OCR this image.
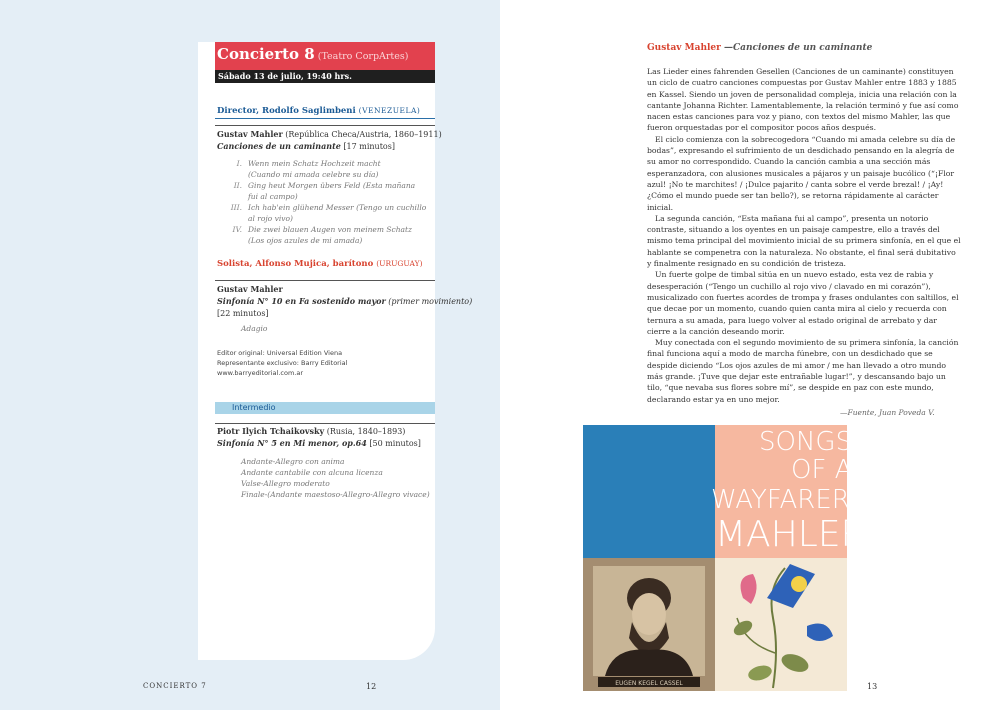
Concierto 8 (Teatro CorpArtes)
Sábado 13 de julio, 19:40 hrs.
Director, Rodolfo Saglimbeni (VENEZUELA)
Gustav Mahler (República Checa/Austria, 1860–1911)
Canciones de un caminante [17 minutos]
I. Wenn mein Schatz Hochzeit macht
(Cuando mi amada celebre su día)
II. Ging heut Morgen übers Feld (Esta mañana
fui al campo)
III. Ich hab'ein glühend Messer (Tengo un cuchillo
al rojo vivo)
IV. Die zwei blauen Augen von meinem Schatz
(Los ojos azules de mi amada)
Solista, Alfonso Mujica, barítono (URUGUAY)
Gustav Mahler
Sinfonía N° 10 en Fa sostenido mayor (primer movimiento)
[22 minutos]
Adagio
Editor original: Universal Edition Viena
Representante exclusivo: Barry Editorial
www.barryeditorial.com.ar
Intermedio
Piotr Ilyich Tchaikovsky (Rusia, 1840–1893)
Sinfonía N° 5 en Mi menor, op.64 [50 minutos]
Andante-Allegro con anima
Andante cantabile con alcuna licenza
Valse-Allegro moderato
Finale-(Andante maestoso-Allegro-Allegro vivace)
CONCIERTO 7	12
Gustav Mahler —Canciones de un caminante

Las Lieder eines fahrenden Gesellen (Canciones de un caminante) constituyen un ciclo de cuatro canciones compuestas por Gustav Mahler entre 1883 y 1885 en Kassel. Siendo un joven de personalidad compleja, inicia una relación con la cantante Johanna Richter. Lamentablemente, la relación terminó y fue así como nacen estas canciones para voz y piano, con textos del mismo Mahler, las que fueron orquestadas por el compositor pocos años después.

El ciclo comienza con la sobrecogedora “Cuando mi amada celebre su día de bodas”, expresando el sufrimiento de un desdichado pensando en la alegría de su amor no correspondido. Cuando la canción cambia a una sección más esperanzadora, con alusiones musicales a pájaros y un paisaje bucólico (“¡Flor azul! ¡No te marchites! / ¡Dulce pajarito / canta sobre el verde brezal! / ¡Ay! ¿Cómo el mundo puede ser tan bello?), se retorna rápidamente al carácter inicial.

La segunda canción, “Esta mañana fui al campo”, presenta un notorio contraste, situando a los oyentes en un paisaje campestre, ello a través del mismo tema principal del movimiento inicial de su primera sinfonía, en el que el hablante se compenetra con la naturaleza. No obstante, el final será dubitativo y finalmente resignado en su condición de tristeza.

Un fuerte golpe de timbal sitúa en un nuevo estado, esta vez de rabia y desesperación (“Tengo un cuchillo al rojo vivo / clavado en mi corazón”), musicalizado con fuertes acordes de trompa y frases ondulantes con saltillos, el que decae por un momento, cuando quien canta mira al cielo y recuerda con ternura a su amada, para luego volver al estado original de arrebato y dar cierre a la canción deseando morir.

Muy conectada con el segundo movimiento de su primera sinfonía, la canción final funciona aquí a modo de marcha fúnebre, con un desdichado que se despide diciendo “Los ojos azules de mi amor / me han llevado a otro mundo más grande. ¡Tuve que dejar este entrañable lugar!”, y descansando bajo un tilo, “que nevaba sus flores sobre mí”, se despide en paz con este mundo, declarando estar ya en uno mejor.

—Fuente, Juan Poveda V.
SONGS
OF A
WAYFARER
MAHLER
EUGEN KEGEL CASSEL	13
